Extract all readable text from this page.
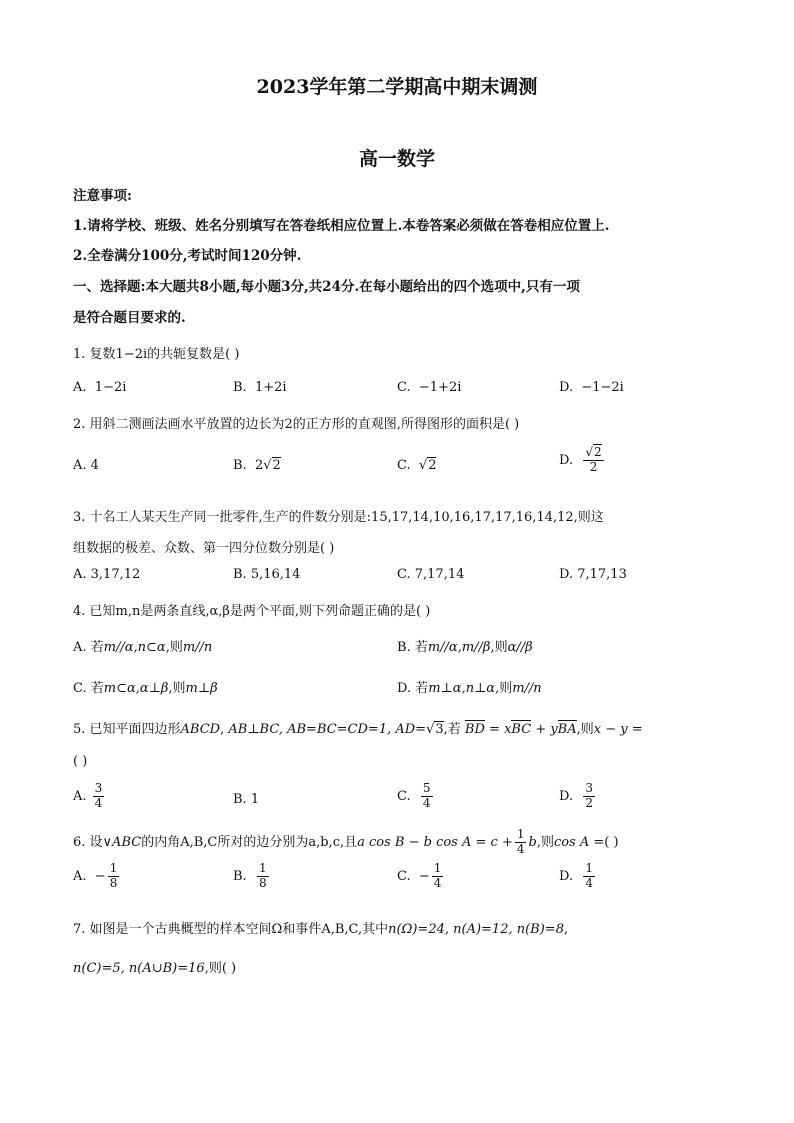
2023学年第二学期高中期末调测
高一数学
注意事项:
1.请将学校、班级、姓名分别填写在答卷纸相应位置上.本卷答案必须做在答卷相应位置上.
2.全卷满分100分,考试时间120分钟.
一、选择题:本大题共8小题,每小题3分,共24分.在每小题给出的四个选项中,只有一项
是符合题目要求的.
1. 复数1−2i的共轭复数是( )
A. 1−2i	B. 1+2i	C. −1+2i	D. −1−2i
2. 用斜二测画法画水平放置的边长为2的正方形的直观图,所得图形的面积是( )
A. 4	B. 2√2	C.  √2	D. $\frac{√2}{2}$
3. 十名工人某天生产同一批零件,生产的件数分别是:15,17,14,10,16,17,17,16,14,12,则这
组数据的极差、众数、第一四分位数分别是( )
A. 3,17,12	B. 5,16,14	C. 7,17,14	D. 7,17,13
4. 已知m,n是两条直线,α,β是两个平面,则下列命题正确的是( )
A. 若m//α,n⊂α,则m//n	B. 若m//α,m//β,则α//β
C. 若m⊂α,α⊥β,则m⊥β	D. 若m⊥α,n⊥α,则m//n
5. 已知平面四边形ABCD, AB⊥BC, AB=BC=CD=1, AD=√3,若 BD = xBC + yBA,则x − y =
( )
A. $\frac{3}{4}$	B. 1	C. $\frac{5}{4}$	D. $\frac{3}{2}$
6. 设∨ABC的内角A,B,C所对的边分别为a,b,c,且a cos B − b $\cos A = c + \frac{1}{4} b$,则cos A =( )
A. − $\frac{1}{8}$	B. $\frac{1}{8}$	C. − $\frac{1}{4}$	D. $\frac{1}{4}$
7. 如图是一个古典概型的样本空间Ω和事件A,B,C,其中n(Ω)=24, n(A)=12, n(B)=8,
n(C)=5, n(A∪B)=16,则( )
